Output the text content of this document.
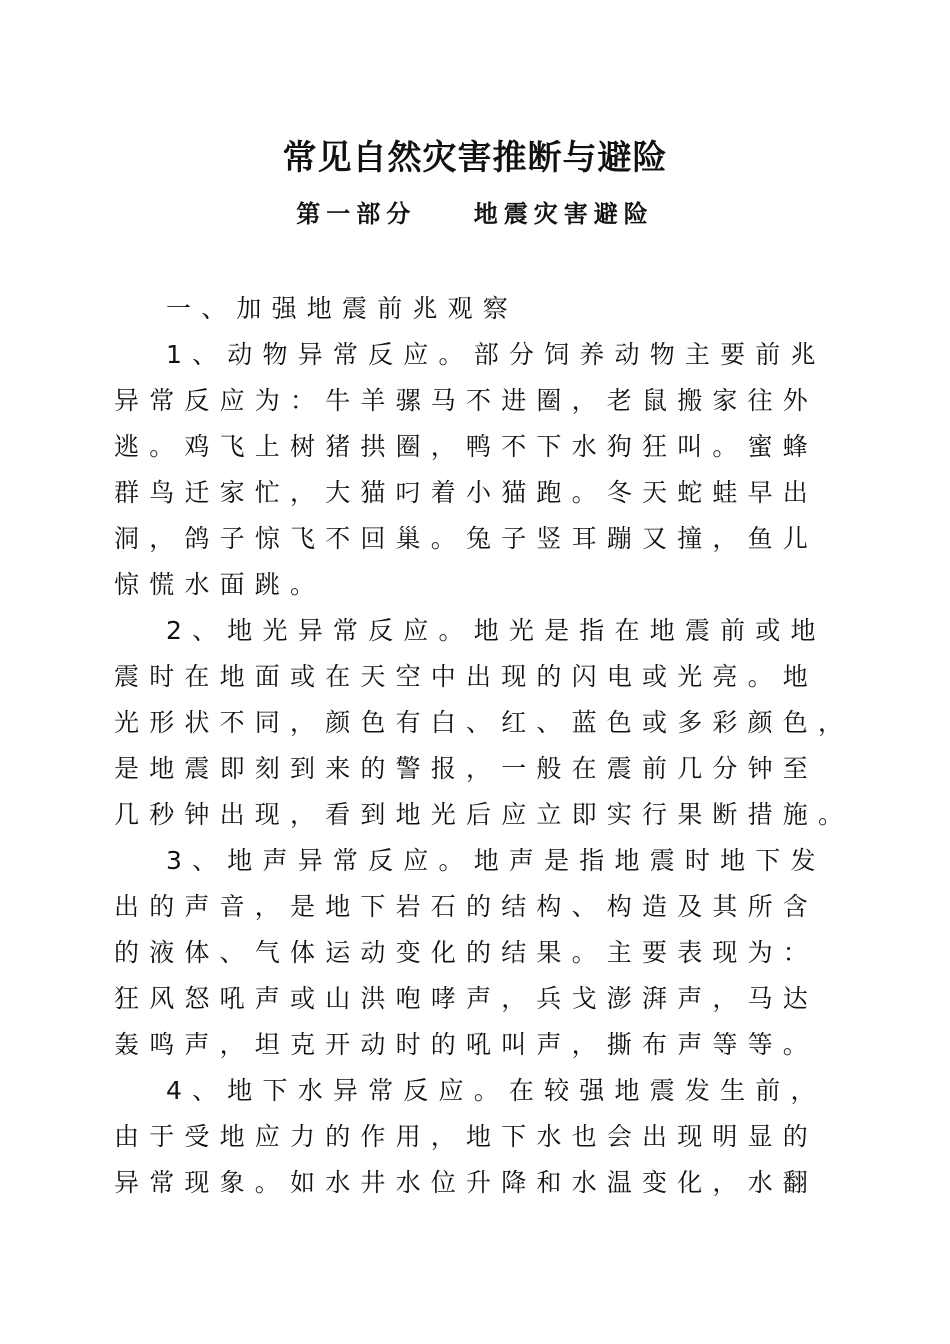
常见自然灾害推断与避险
第一部分    地震灾害避险
一、加强地震前兆观察
1、动物异常反应。部分饲养动物主要前兆
异常反应为：牛羊骡马不进圈，老鼠搬家往外
逃。鸡飞上树猪拱圈，鸭不下水狗狂叫。蜜蜂
群鸟迁家忙，大猫叼着小猫跑。冬天蛇蛙早出
洞，鸽子惊飞不回巢。兔子竖耳蹦又撞，鱼儿
惊慌水面跳。
2、地光异常反应。地光是指在地震前或地
震时在地面或在天空中出现的闪电或光亮。地
光形状不同，颜色有白、红、蓝色或多彩颜色，
是地震即刻到来的警报，一般在震前几分钟至
几秒钟出现，看到地光后应立即实行果断措施。
3、地声异常反应。地声是指地震时地下发
出的声音，是地下岩石的结构、构造及其所含
的液体、气体运动变化的结果。主要表现为：
狂风怒吼声或山洪咆哮声，兵戈澎湃声，马达
轰鸣声，坦克开动时的吼叫声，撕布声等等。
4、地下水异常反应。在较强地震发生前，
由于受地应力的作用，地下水也会出现明显的
异常现象。如水井水位升降和水温变化，水翻
